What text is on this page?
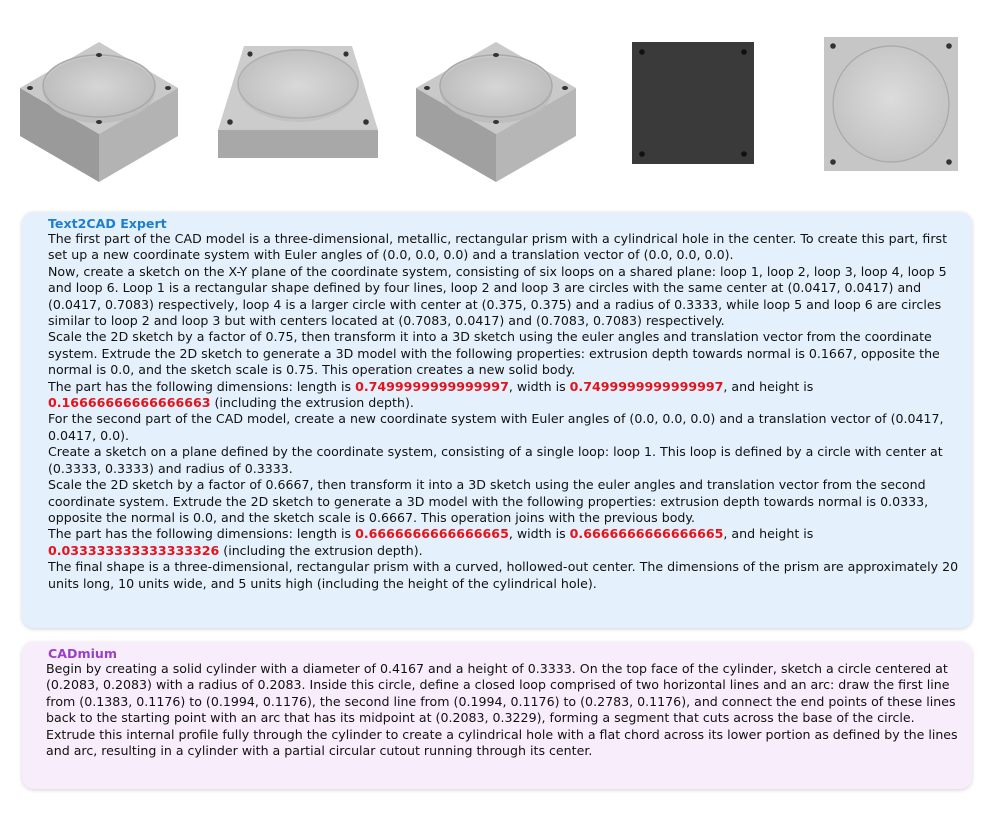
Text2CAD Expert

The first part of the CAD model is a three-dimensional, metallic, rectangular prism with a cylindrical hole in the center. To create this part, first set up a new coordinate system with Euler angles of (0.0, 0.0, 0.0) and a translation vector of (0.0, 0.0, 0.0).

Now, create a sketch on the X-Y plane of the coordinate system, consisting of six loops on a shared plane: loop 1, loop 2, loop 3, loop 4, loop 5 and loop 6. Loop 1 is a rectangular shape defined by four lines, loop 2 and loop 3 are circles with the same center at (0.0417, 0.0417) and (0.0417, 0.7083) respectively, loop 4 is a larger circle with center at (0.375, 0.375) and a radius of 0.3333, while loop 5 and loop 6 are circles similar to loop 2 and loop 3 but with centers located at (0.7083, 0.0417) and (0.7083, 0.7083) respectively.

Scale the 2D sketch by a factor of 0.75, then transform it into a 3D sketch using the euler angles and translation vector from the coordinate system. Extrude the 2D sketch to generate a 3D model with the following properties: extrusion depth towards normal is 0.1667, opposite the normal is 0.0, and the sketch scale is 0.75. This operation creates a new solid body.

The part has the following dimensions: length is 0.7499999999999997, width is 0.7499999999999997, and height is 0.16666666666666663 (including the extrusion depth).

For the second part of the CAD model, create a new coordinate system with Euler angles of (0.0, 0.0, 0.0) and a translation vector of (0.0417, 0.0417, 0.0).

Create a sketch on a plane defined by the coordinate system, consisting of a single loop: loop 1. This loop is defined by a circle with center at (0.3333, 0.3333) and radius of 0.3333.

Scale the 2D sketch by a factor of 0.6667, then transform it into a 3D sketch using the euler angles and translation vector from the second coordinate system. Extrude the 2D sketch to generate a 3D model with the following properties: extrusion depth towards normal is 0.0333, opposite the normal is 0.0, and the sketch scale is 0.6667. This operation joins with the previous body.

The part has the following dimensions: length is 0.6666666666666665, width is 0.6666666666666665, and height is 0.033333333333333326 (including the extrusion depth).

The final shape is a three-dimensional, rectangular prism with a curved, hollowed-out center. The dimensions of the prism are approximately 20 units long, 10 units wide, and 5 units high (including the height of the cylindrical hole).

CADmium

Begin by creating a solid cylinder with a diameter of 0.4167 and a height of 0.3333. On the top face of the cylinder, sketch a circle centered at (0.2083, 0.2083) with a radius of 0.2083. Inside this circle, define a closed loop comprised of two horizontal lines and an arc: draw the first line from (0.1383, 0.1176) to (0.1994, 0.1176), the second line from (0.1994, 0.1176) to (0.2783, 0.1176), and connect the end points of these lines back to the starting point with an arc that has its midpoint at (0.2083, 0.3229), forming a segment that cuts across the base of the circle. Extrude this internal profile fully through the cylinder to create a cylindrical hole with a flat chord across its lower portion as defined by the lines and arc, resulting in a cylinder with a partial circular cutout running through its center.
